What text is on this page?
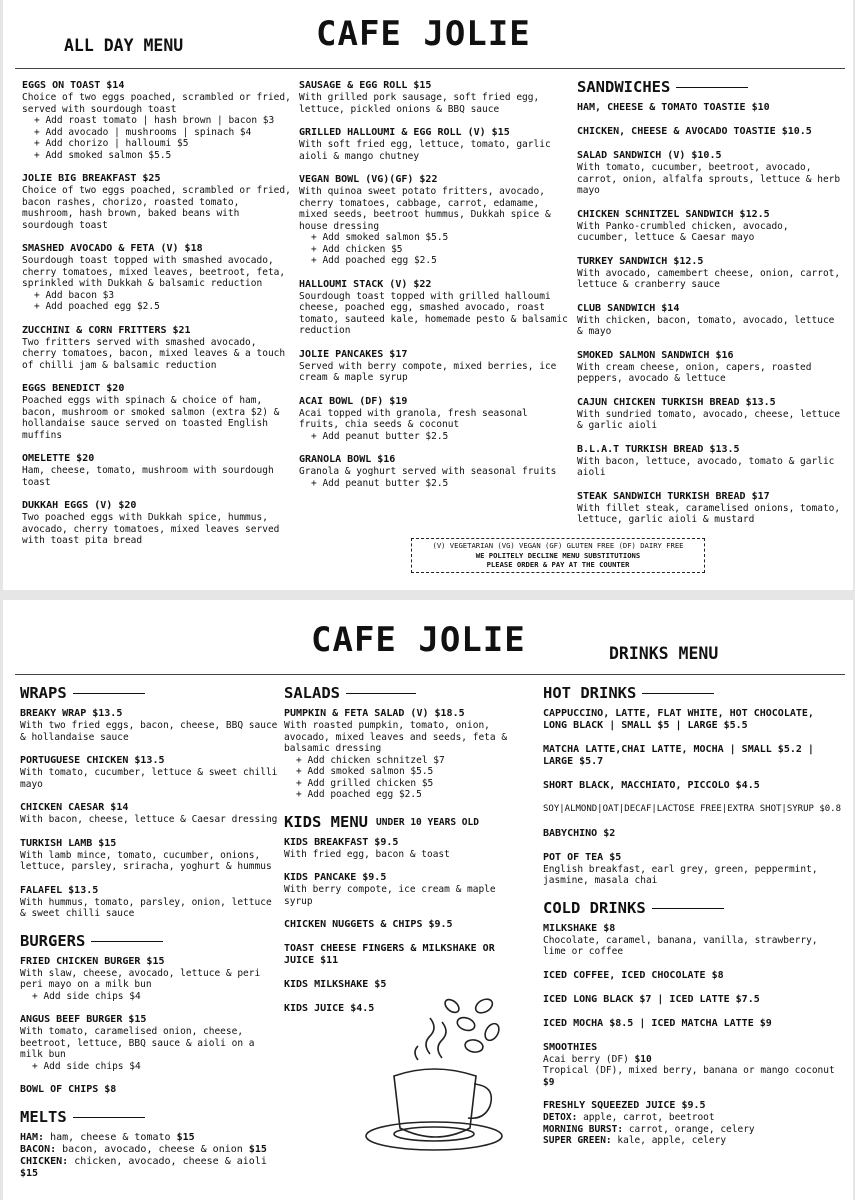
CAFE JOLIE
ALL DAY MENU
EGGS ON TOAST $14
Choice of two eggs poached, scrambled or fried, served with sourdough toast
+ Add roast tomato | hash brown | bacon $3
+ Add avocado | mushrooms | spinach $4
+ Add chorizo | halloumi $5
+ Add smoked salmon $5.5
JOLIE BIG BREAKFAST $25
Choice of two eggs poached, scrambled or fried, bacon rashes, chorizo, roasted tomato, mushroom, hash brown, baked beans with sourdough toast
SMASHED AVOCADO & FETA (V) $18
Sourdough toast topped with smashed avocado, cherry tomatoes, mixed leaves, beetroot, feta, sprinkled with Dukkah & balsamic reduction
+ Add bacon $3
+ Add poached egg $2.5
ZUCCHINI & CORN FRITTERS $21
Two fritters served with smashed avocado, cherry tomatoes, bacon, mixed leaves & a touch of chilli jam & balsamic reduction
EGGS BENEDICT $20
Poached eggs with spinach & choice of ham, bacon, mushroom or smoked salmon (extra $2) & hollandaise sauce served on toasted English muffins
OMELETTE $20
Ham, cheese, tomato, mushroom with sourdough toast
DUKKAH EGGS (V) $20
Two poached eggs with Dukkah spice, hummus, avocado, cherry tomatoes, mixed leaves served with toast pita bread
SAUSAGE & EGG ROLL $15
With grilled pork sausage, soft fried egg, lettuce, pickled onions & BBQ sauce
GRILLED HALLOUMI & EGG ROLL (V) $15
With soft fried egg, lettuce, tomato, garlic aioli & mango chutney
VEGAN BOWL (VG)(GF) $22
With quinoa sweet potato fritters, avocado, cherry tomatoes, cabbage, carrot, edamame, mixed seeds, beetroot hummus, Dukkah spice & house dressing
+ Add smoked salmon $5.5
+ Add chicken $5
+ Add poached egg $2.5
HALLOUMI STACK (V) $22
Sourdough toast topped with grilled halloumi cheese, poached egg, smashed avocado, roast tomato, sauteed kale, homemade pesto & balsamic reduction
JOLIE PANCAKES $17
Served with berry compote, mixed berries, ice cream & maple syrup
ACAI BOWL (DF) $19
Acai topped with granola, fresh seasonal fruits, chia seeds & coconut
+ Add peanut butter $2.5
GRANOLA BOWL $16
Granola & yoghurt served with seasonal fruits
+ Add peanut butter $2.5
SANDWICHES
HAM, CHEESE & TOMATO TOASTIE $10
CHICKEN, CHEESE & AVOCADO TOASTIE $10.5
SALAD SANDWICH (V) $10.5
With tomato, cucumber, beetroot, avocado, carrot, onion, alfalfa sprouts, lettuce & herb mayo
CHICKEN SCHNITZEL SANDWICH $12.5
With Panko-crumbled chicken, avocado, cucumber, lettuce & Caesar mayo
TURKEY SANDWICH $12.5
With avocado, camembert cheese, onion, carrot, lettuce & cranberry sauce
CLUB SANDWICH $14
With chicken, bacon, tomato, avocado, lettuce & mayo
SMOKED SALMON SANDWICH $16
With cream cheese, onion, capers, roasted peppers, avocado & lettuce
CAJUN CHICKEN TURKISH BREAD $13.5
With sundried tomato, avocado, cheese, lettuce & garlic aioli
B.L.A.T TURKISH BREAD $13.5
With bacon, lettuce, avocado, tomato & garlic aioli
STEAK SANDWICH TURKISH BREAD $17
With fillet steak, caramelised onions, tomato, lettuce, garlic aioli & mustard
(V) VEGETARIAN (VG) VEGAN (GF) GLUTEN FREE (DF) DAIRY FREE
WE POLITELY DECLINE MENU SUBSTITUTIONS
PLEASE ORDER & PAY AT THE COUNTER
CAFE JOLIE	DRINKS MENU
WRAPS
BREAKY WRAP $13.5
With two fried eggs, bacon, cheese, BBQ sauce & hollandaise sauce
PORTUGUESE CHICKEN $13.5
With tomato, cucumber, lettuce & sweet chilli mayo
CHICKEN CAESAR $14
With bacon, cheese, lettuce & Caesar dressing
TURKISH LAMB $15
With lamb mince, tomato, cucumber, onions, lettuce, parsley, sriracha, yoghurt & hummus
FALAFEL $13.5
With hummus, tomato, parsley, onion, lettuce & sweet chilli sauce
BURGERS
FRIED CHICKEN BURGER $15
With slaw, cheese, avocado, lettuce & peri peri mayo on a milk bun
+ Add side chips $4
ANGUS BEEF BURGER $15
With tomato, caramelised onion, cheese, beetroot, lettuce, BBQ sauce & aioli on a milk bun
+ Add side chips $4
BOWL OF CHIPS $8
MELTS
HAM: ham, cheese & tomato $15
BACON: bacon, avocado, cheese & onion $15
CHICKEN: chicken, avocado, cheese & aioli $15
SALADS
PUMPKIN & FETA SALAD (V) $18.5
With roasted pumpkin, tomato, onion, avocado, mixed leaves and seeds, feta & balsamic dressing
+ Add chicken schnitzel $7
+ Add smoked salmon $5.5
+ Add grilled chicken $5
+ Add poached egg $2.5
KIDS MENU UNDER 10 YEARS OLD
KIDS BREAKFAST $9.5
With fried egg, bacon & toast
KIDS PANCAKE $9.5
With berry compote, ice cream & maple syrup
CHICKEN NUGGETS & CHIPS $9.5
TOAST CHEESE FINGERS & MILKSHAKE OR JUICE $11
KIDS MILKSHAKE $5
KIDS JUICE $4.5
HOT DRINKS
CAPPUCCINO, LATTE, FLAT WHITE, HOT CHOCOLATE, LONG BLACK | SMALL $5 | LARGE $5.5
MATCHA LATTE,CHAI LATTE, MOCHA | SMALL $5.2 | LARGE $5.7
SHORT BLACK, MACCHIATO, PICCOLO $4.5
SOY|ALMOND|OAT|DECAF|LACTOSE FREE|EXTRA SHOT|SYRUP $0.8
BABYCHINO $2
POT OF TEA $5
English breakfast, earl grey, green, peppermint, jasmine, masala chai
COLD DRINKS
MILKSHAKE $8
Chocolate, caramel, banana, vanilla, strawberry, lime or coffee
ICED COFFEE, ICED CHOCOLATE $8
ICED LONG BLACK $7 | ICED LATTE $7.5
ICED MOCHA $8.5 | ICED MATCHA LATTE $9
SMOOTHIES
Acai berry (DF) $10
Tropical (DF), mixed berry, banana or mango coconut $9
FRESHLY SQUEEZED JUICE $9.5
DETOX: apple, carrot, beetroot
MORNING BURST: carrot, orange, celery
SUPER GREEN: kale, apple, celery
